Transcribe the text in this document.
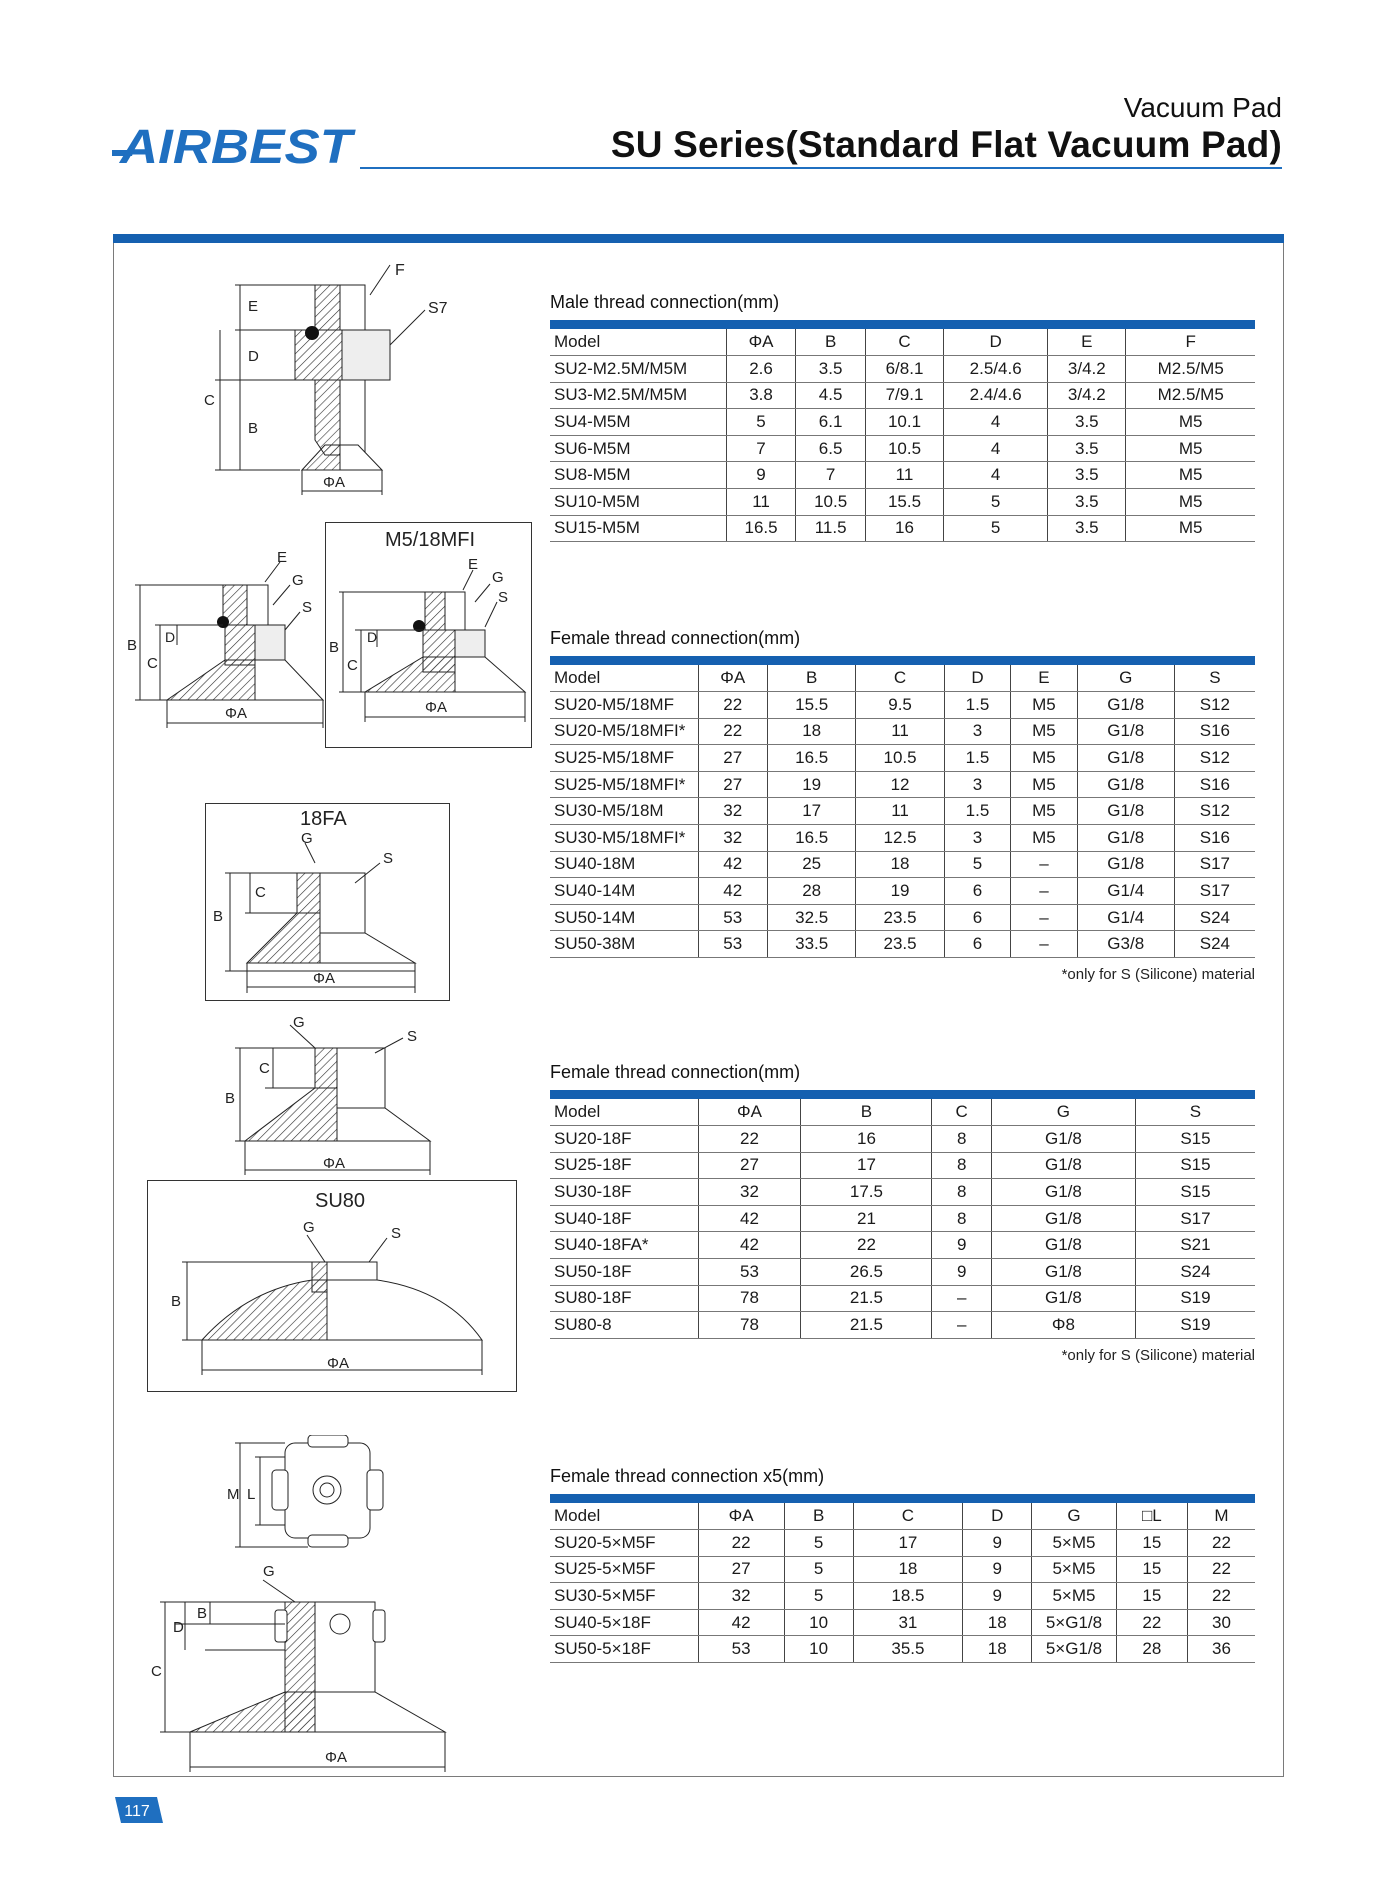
AIRBEST
Vacuum Pad
SU Series(Standard Flat Vacuum Pad)
F
S7
E
D
C
B
ΦA
E
G
S
B
C
D
ΦA
M5/18MFI
E
G
S
B
C
D
ΦA
18FA
G
S
B
C
ΦA
G
S
B
C
ΦA
SU80
G	S
B
ΦA
M L
G
D
B
C
ΦA
Male thread connection(mm)
Model	ΦA	B	C	D	E	F
SU2-M2.5M/M5M	2.6	3.5	6/8.1	2.5/4.6	3/4.2	M2.5/M5
SU3-M2.5M/M5M	3.8	4.5	7/9.1	2.4/4.6	3/4.2	M2.5/M5
SU4-M5M	5	6.1	10.1	4	3.5	M5
SU6-M5M	7	6.5	10.5	4	3.5	M5
SU8-M5M	9	7	11	4	3.5	M5
SU10-M5M	11	10.5	15.5	5	3.5	M5
SU15-M5M	16.5	11.5	16	5	3.5	M5
Female thread connection(mm)
Model	ΦA	B	C	D	E	G	S
SU20-M5/18MF	22	15.5	9.5	1.5	M5	G1/8	S12
SU20-M5/18MFI*	22	18	11	3	M5	G1/8	S16
SU25-M5/18MF	27	16.5	10.5	1.5	M5	G1/8	S12
SU25-M5/18MFI*	27	19	12	3	M5	G1/8	S16
SU30-M5/18M	32	17	11	1.5	M5	G1/8	S12
SU30-M5/18MFI*	32	16.5	12.5	3	M5	G1/8	S16
SU40-18M	42	25	18	5	–	G1/8	S17
SU40-14M	42	28	19	6	–	G1/4	S17
SU50-14M	53	32.5	23.5	6	–	G1/4	S24
SU50-38M	53	33.5	23.5	6	–	G3/8	S24
*only for S (Silicone) material
Female thread connection(mm)
Model	ΦA	B	C	G	S
SU20-18F	22	16	8	G1/8	S15
SU25-18F	27	17	8	G1/8	S15
SU30-18F	32	17.5	8	G1/8	S15
SU40-18F	42	21	8	G1/8	S17
SU40-18FA*	42	22	9	G1/8	S21
SU50-18F	53	26.5	9	G1/8	S24
SU80-18F	78	21.5	–	G1/8	S19
SU80-8	78	21.5	–	Φ8	S19
*only for S (Silicone) material
Female thread connection x5(mm)
Model	ΦA	B	C	D	G	□L	M
SU20-5×M5F	22	5	17	9	5×M5	15	22
SU25-5×M5F	27	5	18	9	5×M5	15	22
SU30-5×M5F	32	5	18.5	9	5×M5	15	22
SU40-5×18F	42	10	31	18	5×G1/8	22	30
SU50-5×18F	53	10	35.5	18	5×G1/8	28	36
117
